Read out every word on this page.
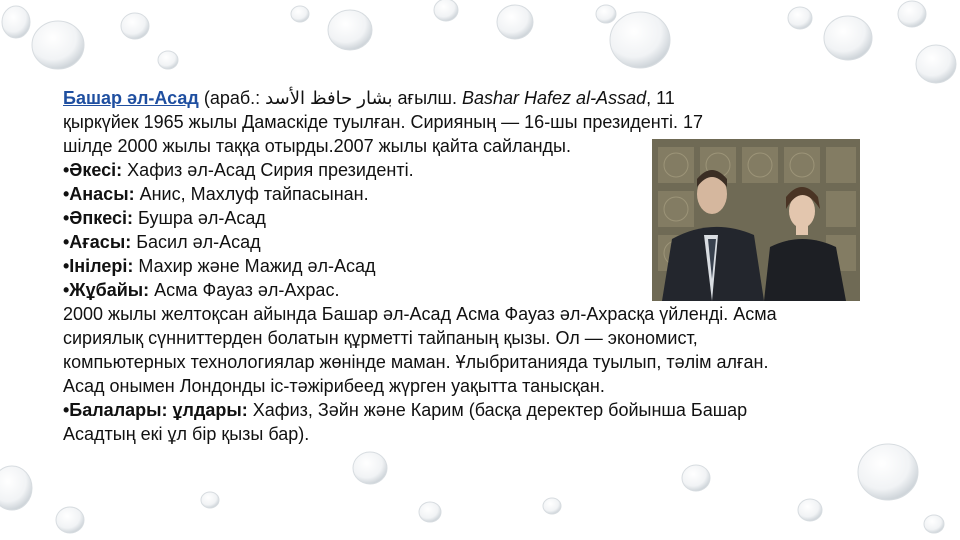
Башар әл-Асад (араб.: بشار حافظ الأسد ағылш. Bashar Hafez al-Assad, 11
қыркүйек 1965 жылы Дамаскіде туылған. Сирияның — 16-шы президенті. 17
шілде 2000 жылы таққа отырды.2007 жылы қайта сайланды.
•Әкесі: Хафиз әл-Асад Сирия президенті.
•Анасы: Анис, Махлуф тайпасынан.
•Әпкесі: Бушра әл-Асад
•Ағасы: Басил әл-Асад
•Інілері: Махир және Мажид әл-Асад
•Жұбайы: Асма Фауаз әл-Ахрас.
2000 жылы желтоқсан айында Башар әл-Асад Асма Фауаз әл-Ахрасқа үйленді. Асма
сириялық сүнниттерден болатын құрметті тайпаның қызы. Ол — экономист,
компьютерных технологиялар жөнінде маман. Ұлыбританияда туылып, тәлім алған.
Асад онымен Лондонды іс-тәжірибеед жүрген уақытта танысқан.
•Балалары: ұлдары: Хафиз, Зәйн және Карим (басқа деректер бойынша Башар
Асадтың екі ұл бір қызы бар).
